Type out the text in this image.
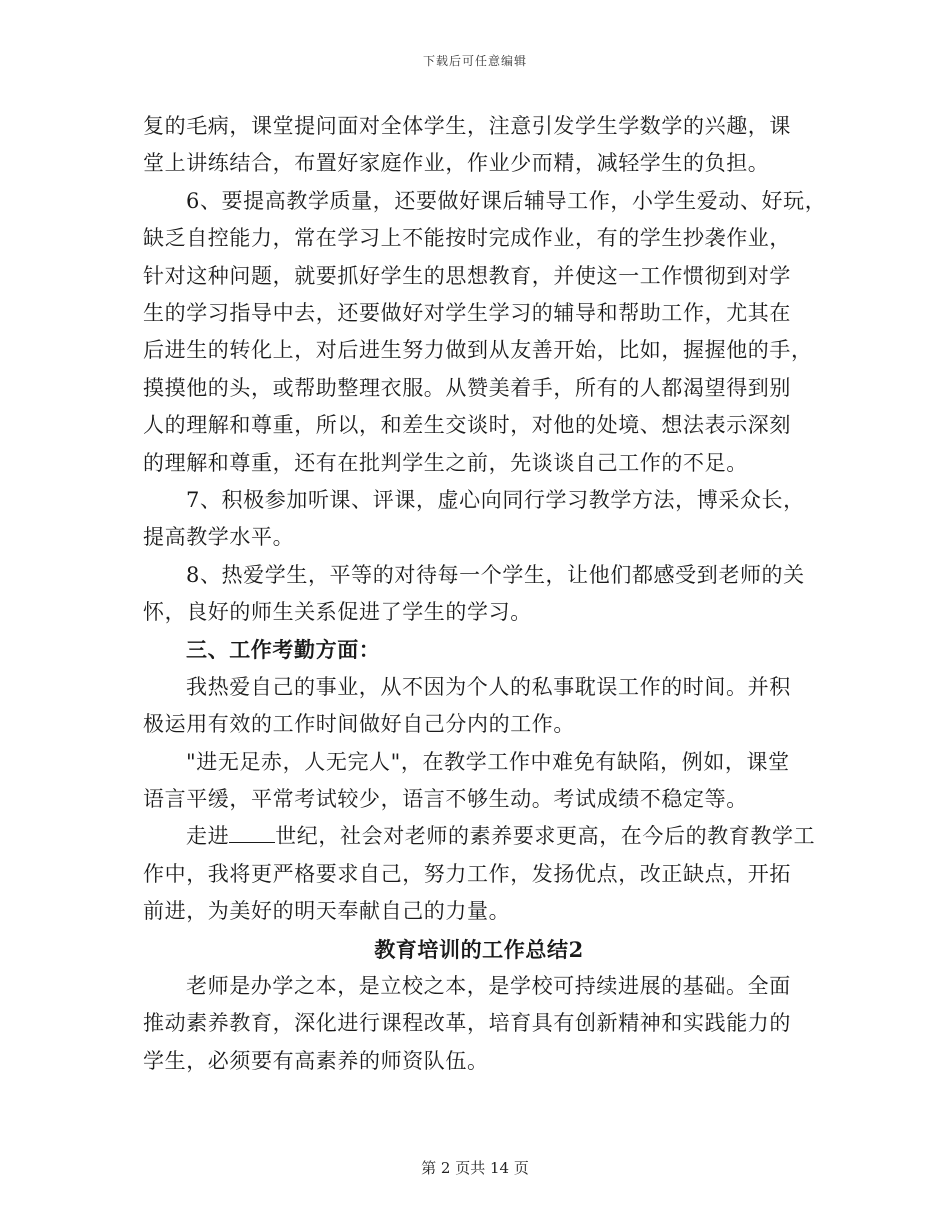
下载后可任意编辑
复的毛病，课堂提问面对全体学生，注意引发学生学数学的兴趣，课
堂上讲练结合，布置好家庭作业，作业少而精，减轻学生的负担。
6、要提高教学质量，还要做好课后辅导工作，小学生爱动、好玩，
缺乏自控能力，常在学习上不能按时完成作业，有的学生抄袭作业，
针对这种问题，就要抓好学生的思想教育，并使这一工作惯彻到对学
生的学习指导中去，还要做好对学生学习的辅导和帮助工作，尤其在
后进生的转化上，对后进生努力做到从友善开始，比如，握握他的手，
摸摸他的头，或帮助整理衣服。从赞美着手，所有的人都渴望得到别
人的理解和尊重，所以，和差生交谈时，对他的处境、想法表示深刻
的理解和尊重，还有在批判学生之前，先谈谈自己工作的不足。
7、积极参加听课、评课，虚心向同行学习教学方法，博采众长，
提高教学水平。
8、热爱学生，平等的对待每一个学生，让他们都感受到老师的关
怀，良好的师生关系促进了学生的学习。
三、工作考勤方面：
我热爱自己的事业，从不因为个人的私事耽误工作的时间。并积
极运用有效的工作时间做好自己分内的工作。
"进无足赤，人无完人"，在教学工作中难免有缺陷，例如，课堂
语言平缓，平常考试较少，语言不够生动。考试成绩不稳定等。
走进 世纪，社会对老师的素养要求更高，在今后的教育教学工
作中，我将更严格要求自己，努力工作，发扬优点，改正缺点，开拓
前进，为美好的明天奉献自己的力量。
教育培训的工作总结2
老师是办学之本，是立校之本，是学校可持续进展的基础。全面
推动素养教育，深化进行课程改革，培育具有创新精神和实践能力的
学生，必须要有高素养的师资队伍。
第 2 页共 14 页
